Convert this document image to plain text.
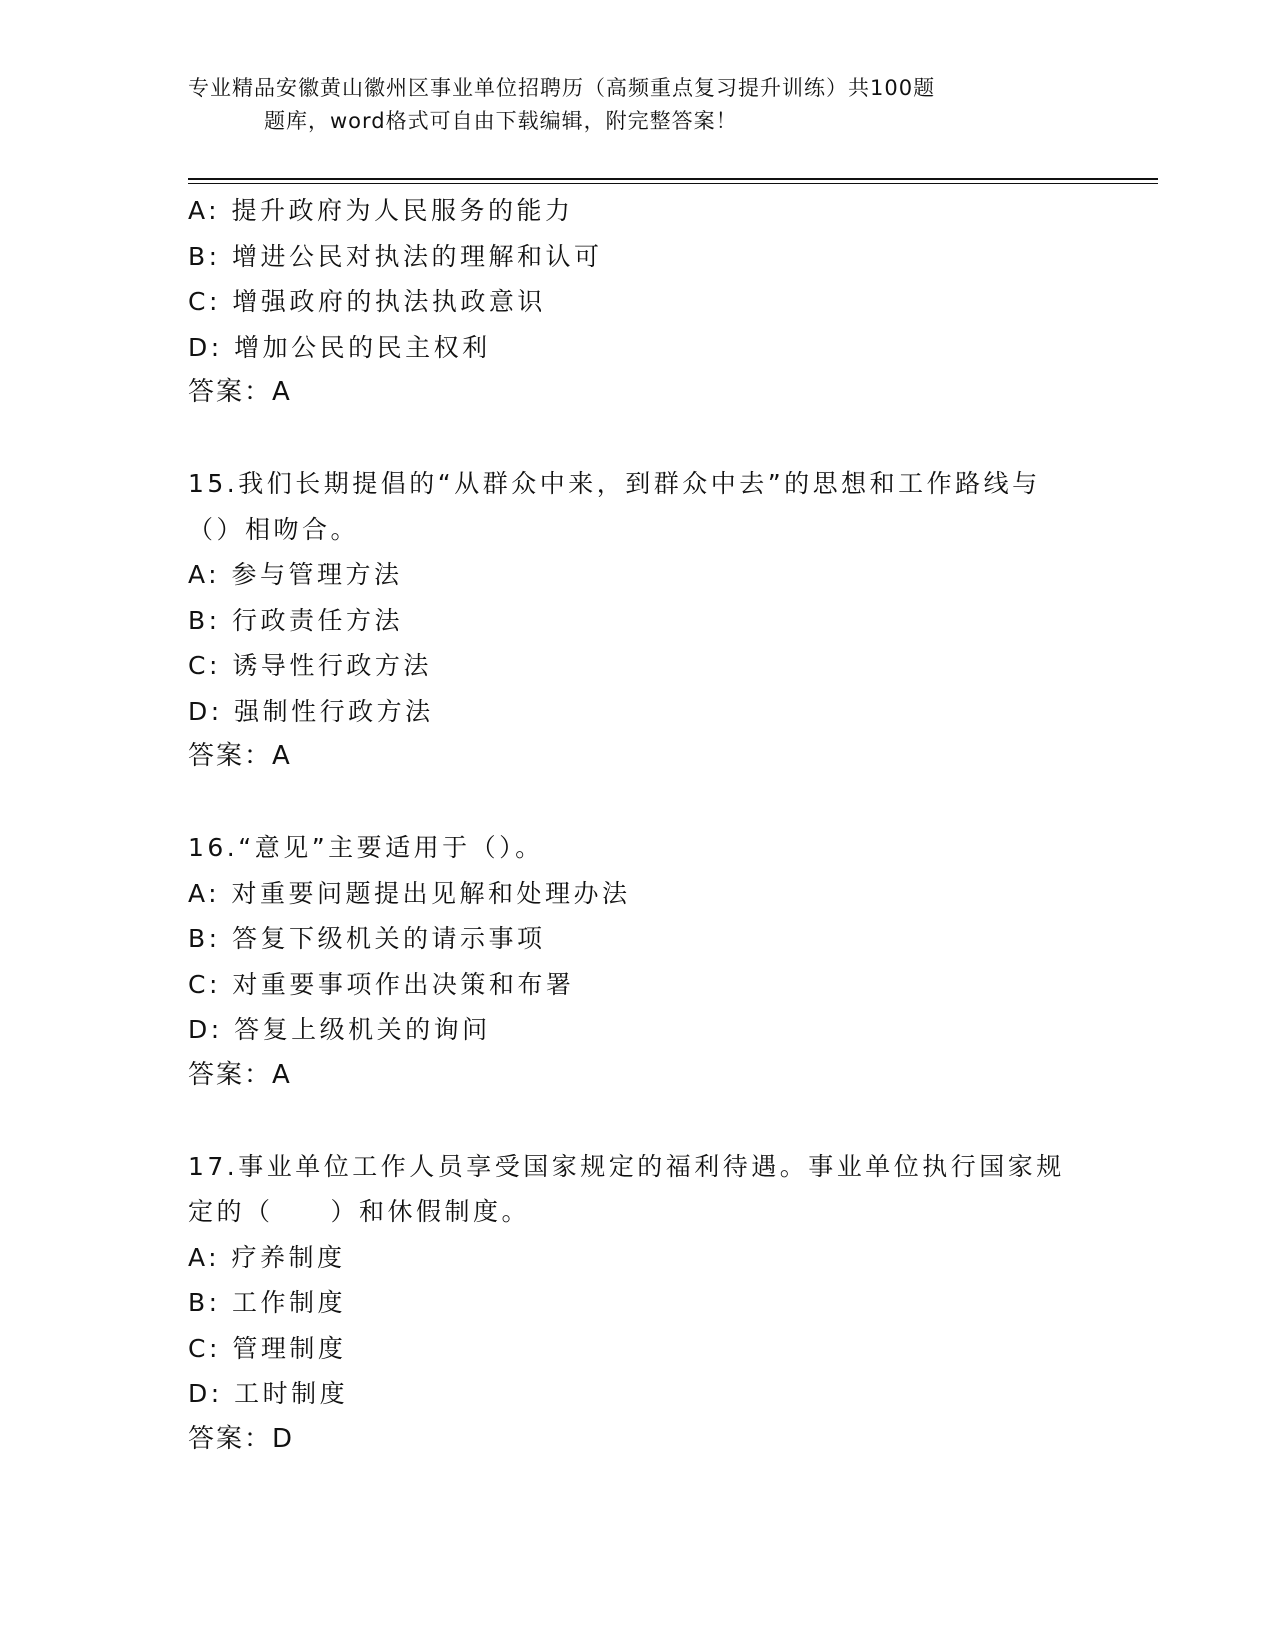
专业精品安徽黄山徽州区事业单位招聘历（高频重点复习提升训练）共100题
题库，word格式可自由下载编辑，附完整答案！
A: 提升政府为人民服务的能力
B: 增进公民对执法的理解和认可
C: 增强政府的执法执政意识
D: 增加公民的民主权利
答案：A
15.我们长期提倡的“从群众中来，到群众中去”的思想和工作路线与
（）相吻合。
A: 参与管理方法
B: 行政责任方法
C: 诱导性行政方法
D: 强制性行政方法
答案：A
16.“意见”主要适用于（）。
A: 对重要问题提出见解和处理办法
B: 答复下级机关的请示事项
C: 对重要事项作出决策和布署
D: 答复上级机关的询问
答案：A
17.事业单位工作人员享受国家规定的福利待遇。事业单位执行国家规
定的（　　）和休假制度。
A: 疗养制度
B: 工作制度
C: 管理制度
D: 工时制度
答案：D
